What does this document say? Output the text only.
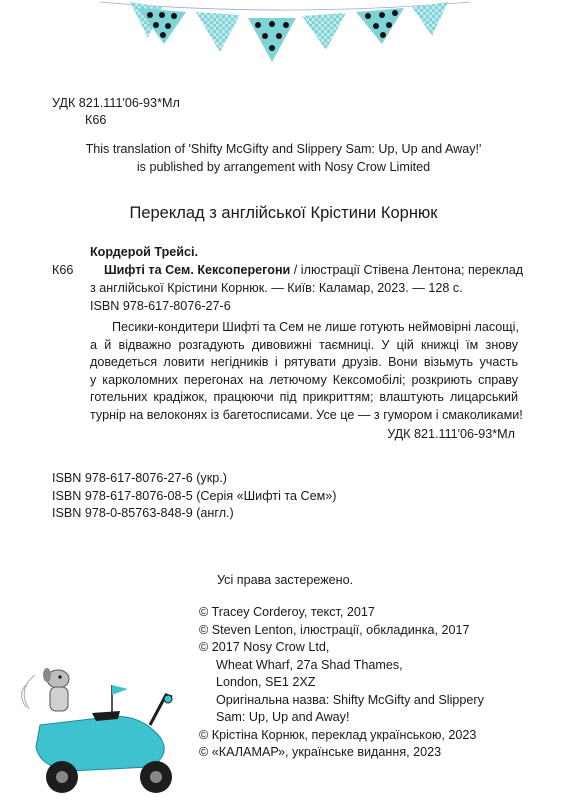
УДК 821.111'06-93*Мл
К66
This translation of 'Shifty McGifty and Slippery Sam: Up, Up and Away!'
is published by arrangement with Nosy Crow Limited
Переклад з англійської Крістини Корнюк
Кордерой Трейсі.
К66 Шифті та Сем. Кексоперегони / ілюстрації Стівена Лентона; переклад
з англійської Крістини Корнюк. — Київ: Каламар, 2023. — 128 с.
ISBN 978-617-8076-27-6
Песики-кондитери Шифті та Сем не лише готують неймовірні ласощі,
а й відважно розгадують дивовижні таємниці. У цій книжці їм знову
доведеться ловити негідників і рятувати друзів. Вони візьмуть участь
у карколомних перегонах на летючому Кексомобілі; розкриють справу
готельних крадіжок, працюючи під прикриттям; влаштують лицарський
турнір на велоконях із багетосписами. Усе це — з гумором і смаколиками!
УДК 821.111'06-93*Мл
ISBN 978-617-8076-27-6 (укр.)
ISBN 978-617-8076-08-5 (Серія «Шифті та Сем»)
ISBN 978-0-85763-848-9 (англ.)
Усі права застережено.
© Tracey Corderoy, текст, 2017
© Steven Lenton, ілюстрації, обкладинка, 2017
© 2017 Nosy Crow Ltd,
Wheat Wharf, 27a Shad Thames,
London, SE1 2XZ
Оригінальна назва: Shifty McGifty and Slippery
Sam: Up, Up and Away!
© Крістіна Корнюк, переклад українською, 2023
© «КАЛАМАР», українське видання, 2023
